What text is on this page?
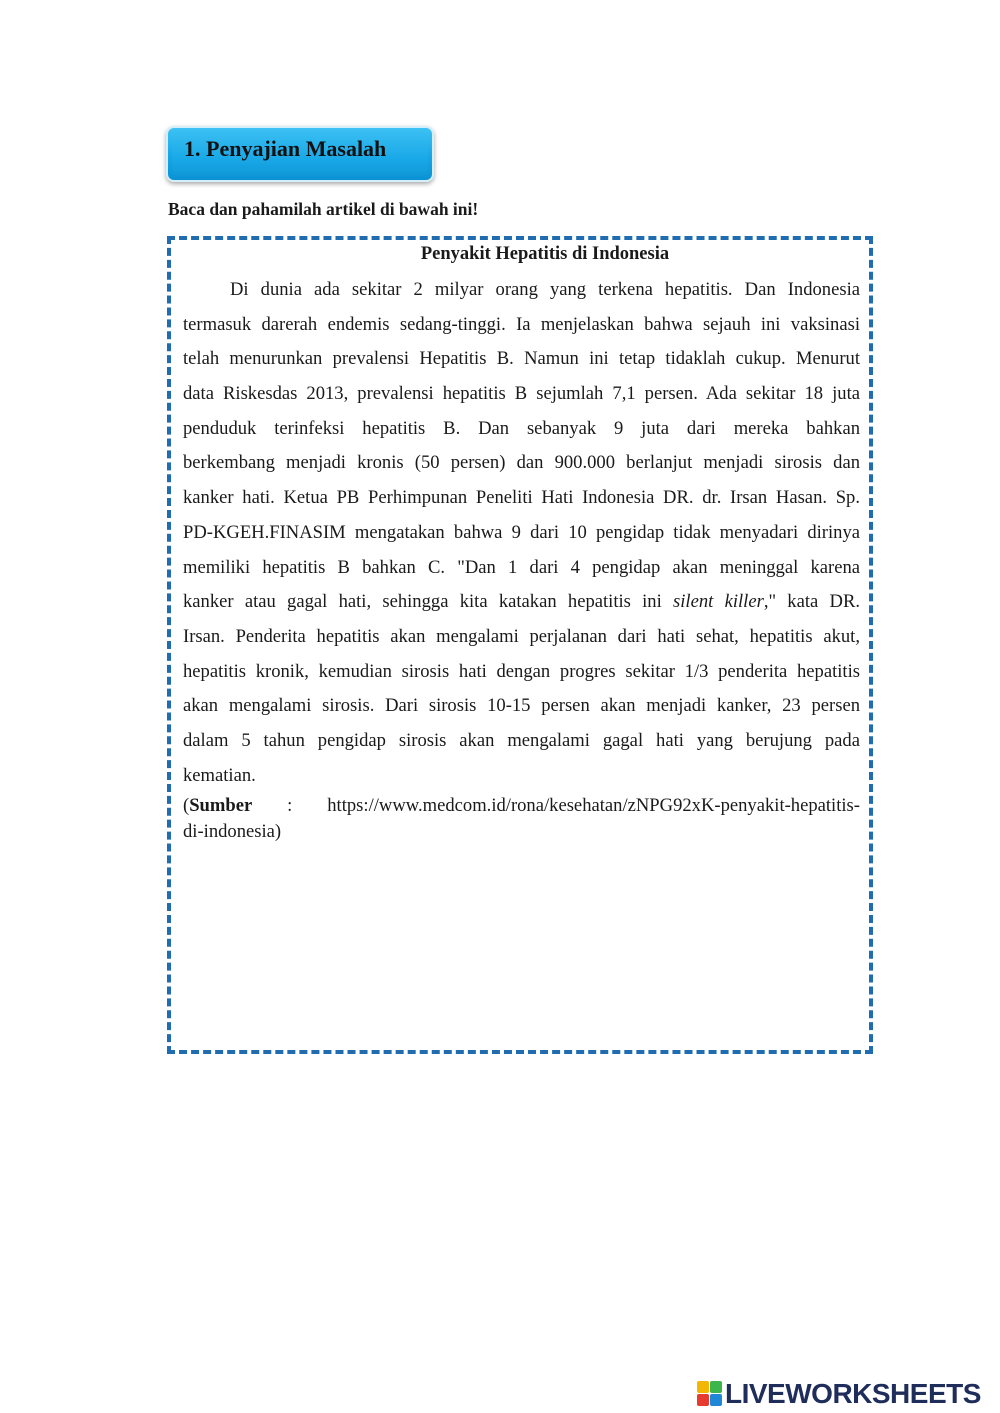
1. Penyajian Masalah
Baca dan pahamilah artikel di bawah ini!
Penyakit Hepatitis di Indonesia
Di dunia ada sekitar 2 milyar orang yang terkena hepatitis. Dan Indonesia
termasuk darerah endemis sedang-tinggi. Ia menjelaskan bahwa sejauh ini vaksinasi
telah menurunkan prevalensi Hepatitis B. Namun ini tetap tidaklah cukup. Menurut
data Riskesdas 2013, prevalensi hepatitis B sejumlah 7,1 persen. Ada sekitar 18 juta
penduduk terinfeksi hepatitis B. Dan sebanyak 9 juta dari mereka bahkan
berkembang menjadi kronis (50 persen) dan 900.000 berlanjut menjadi sirosis dan
kanker hati. Ketua PB Perhimpunan Peneliti Hati Indonesia DR. dr. Irsan Hasan. Sp.
PD-KGEH.FINASIM mengatakan bahwa 9 dari 10 pengidap tidak menyadari dirinya
memiliki hepatitis B bahkan C. "Dan 1 dari 4 pengidap akan meninggal karena
kanker atau gagal hati, sehingga kita katakan hepatitis ini silent killer," kata DR.
Irsan. Penderita hepatitis akan mengalami perjalanan dari hati sehat, hepatitis akut,
hepatitis kronik, kemudian sirosis hati dengan progres sekitar 1/3 penderita hepatitis
akan mengalami sirosis. Dari sirosis 10-15 persen akan menjadi kanker, 23 persen
dalam 5 tahun pengidap sirosis akan mengalami gagal hati yang berujung pada
kematian.
(Sumber : https://www.medcom.id/rona/kesehatan/zNPG92xK-penyakit-hepatitis-
di-indonesia)
LIVEWORKSHEETS
